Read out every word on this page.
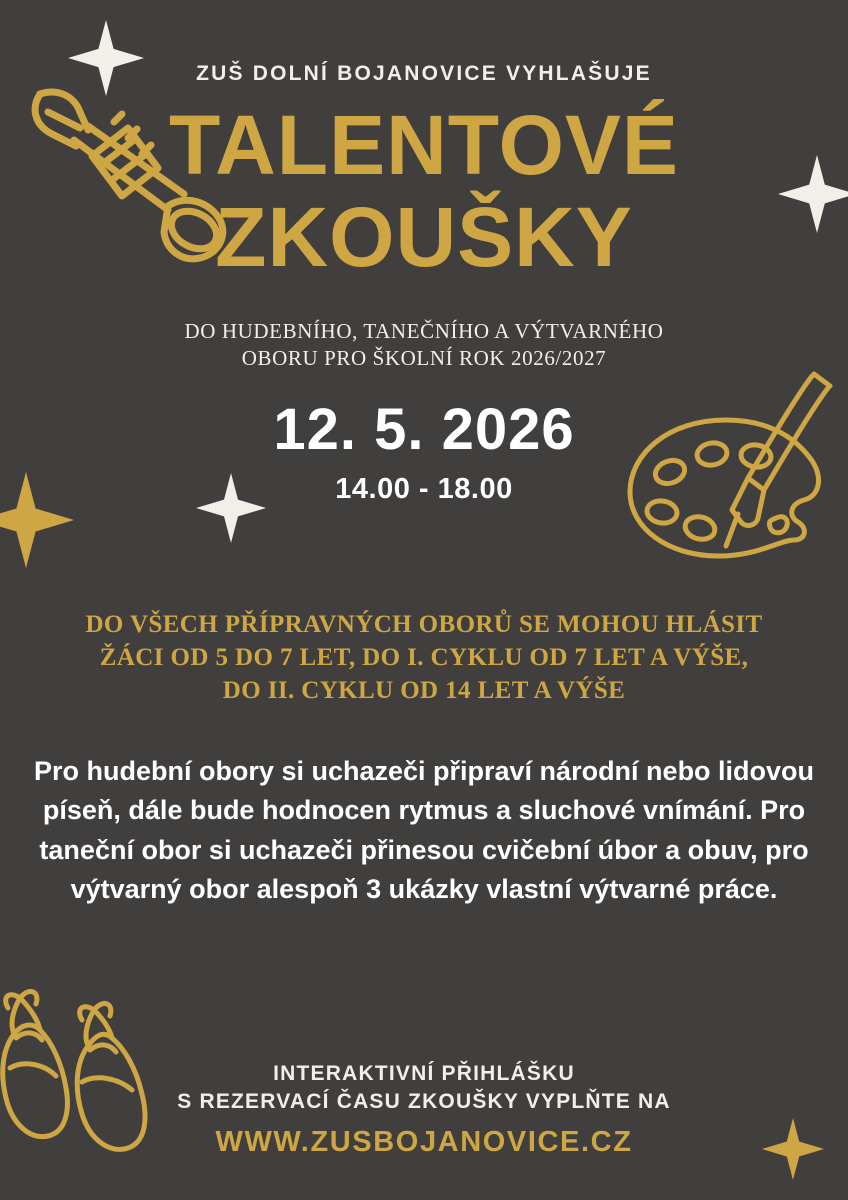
ZUŠ DOLNÍ BOJANOVICE VYHLAŠUJE
TALENTOVÉ
ZKOUŠKY
DO HUDEBNÍHO, TANEČNÍHO A VÝTVARNÉHO
OBORU PRO ŠKOLNÍ ROK 2026/2027
12. 5. 2026
14.00 - 18.00
DO VŠECH PŘÍPRAVNÝCH OBORŮ SE MOHOU HLÁSIT
ŽÁCI OD 5 DO 7 LET, DO I. CYKLU OD 7 LET A VÝŠE,
DO II. CYKLU OD 14 LET A VÝŠE
Pro hudební obory si uchazeči připraví národní nebo lidovou píseň, dále bude hodnocen rytmus a sluchové vnímání. Pro taneční obor si uchazeči přinesou cvičební úbor a obuv, pro výtvarný obor alespoň 3 ukázky vlastní výtvarné práce.
INTERAKTIVNÍ PŘIHLÁŠKU
S REZERVACÍ ČASU ZKOUŠKY VYPLŇTE NA
WWW.ZUSBOJANOVICE.CZ
